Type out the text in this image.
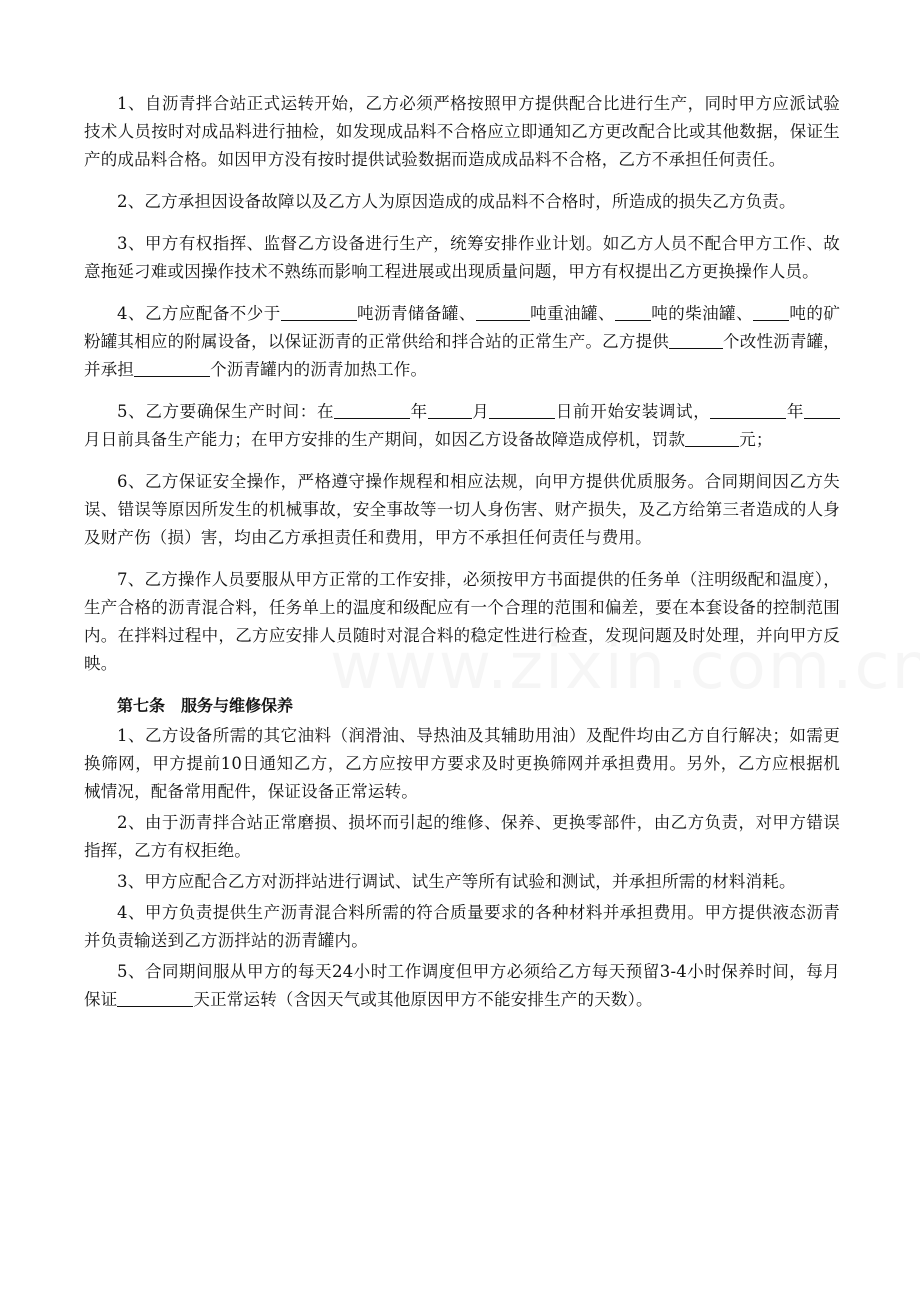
1、自沥青拌合站正式运转开始，乙方必须严格按照甲方提供配合比进行生产，同时甲方应派试验技术人员按时对成品料进行抽检，如发现成品料不合格应立即通知乙方更改配合比或其他数据，保证生产的成品料合格。如因甲方没有按时提供试验数据而造成成品料不合格，乙方不承担任何责任。

2、乙方承担因设备故障以及乙方人为原因造成的成品料不合格时，所造成的损失乙方负责。

3、甲方有权指挥、监督乙方设备进行生产，统筹安排作业计划。如乙方人员不配合甲方工作、故意拖延刁难或因操作技术不熟练而影响工程进展或出现质量问题，甲方有权提出乙方更换操作人员。

4、乙方应配备不少于	吨沥青储备罐、	吨重油罐、 吨的柴油罐、 吨的矿粉罐其相应的附属设备，以保证沥青的正常供给和拌合站的正常生产。乙方提供	个改性沥青罐，并承担	个沥青罐内的沥青加热工作。

5、乙方要确保生产时间：在	年	月	日前开始安装调试，	年月日前具备生产能力；在甲方安排的生产期间，如因乙方设备故障造成停机，罚款	元；

6、乙方保证安全操作，严格遵守操作规程和相应法规，向甲方提供优质服务。合同期间因乙方失误、错误等原因所发生的机械事故，安全事故等一切人身伤害、财产损失，及乙方给第三者造成的人身及财产伤（损）害，均由乙方承担责任和费用，甲方不承担任何责任与费用。

7、乙方操作人员要服从甲方正常的工作安排，必须按甲方书面提供的任务单（注明级配和温度），生产合格的沥青混合料，任务单上的温度和级配应有一个合理的范围和偏差，要在本套设备的控制范围内。在拌料过程中，乙方应安排人员随时对混合料的稳定性进行检查，发现问题及时处理，并向甲方反映。

第七条　服务与维修保养

1、乙方设备所需的其它油料（润滑油、导热油及其辅助用油）及配件均由乙方自行解决；如需更换筛网，甲方提前10日通知乙方，乙方应按甲方要求及时更换筛网并承担费用。另外，乙方应根据机械情况，配备常用配件，保证设备正常运转。

2、由于沥青拌合站正常磨损、损坏而引起的维修、保养、更换零部件，由乙方负责，对甲方错误指挥，乙方有权拒绝。

3、甲方应配合乙方对沥拌站进行调试、试生产等所有试验和测试，并承担所需的材料消耗。

4、甲方负责提供生产沥青混合料所需的符合质量要求的各种材料并承担费用。甲方提供液态沥青并负责输送到乙方沥拌站的沥青罐内。

5、合同期间服从甲方的每天24小时工作调度但甲方必须给乙方每天预留3-4小时保养时间，每月保证	天正常运转（含因天气或其他原因甲方不能安排生产的天数）。
